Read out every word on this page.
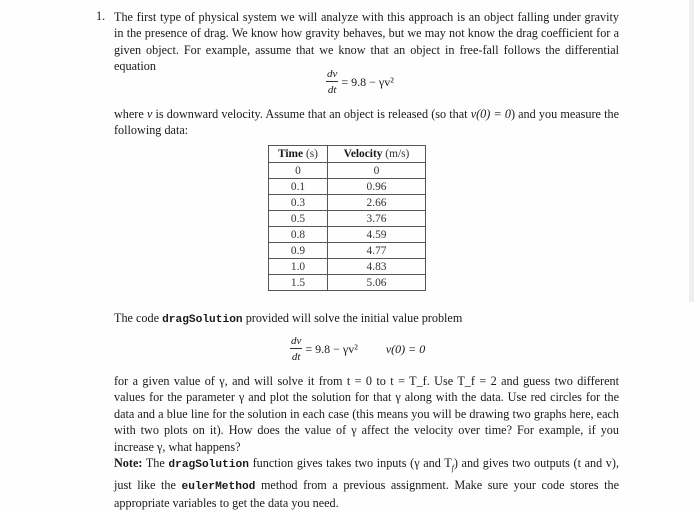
1. The first type of physical system we will analyze with this approach is an object falling under gravity in the presence of drag. We know how gravity behaves, but we may not know the drag coefficient for a given object. For example, assume that we know that an object in free-fall follows the differential equation
$\frac{dv}{dt} = 9.8 - \gamma v^2$
where v is downward velocity. Assume that an object is released (so that v(0) = 0) and you measure the following data:
Time (s)	Velocity (m/s)
0	0
0.1	0.96
0.3	2.66
0.5	3.76
0.8	4.59
0.9	4.77
1.0	4.83
1.5	5.06
The code dragSolution provided will solve the initial value problem
$\frac{dv}{dt} = 9.8 - \gamma v^2$ v(0) = 0
for a given value of γ, and will solve it from t = 0 to t = T_f. Use T_f = 2 and guess two different values for the parameter γ and plot the solution for that γ along with the data. Use red circles for the data and a blue line for the solution in each case (this means you will be drawing two graphs here, each with two plots on it). How does the value of γ affect the velocity over time? For example, if you increase γ, what happens?
Note: The dragSolution function gives takes two inputs (γ and $T_f$) and gives two outputs (t and v), just like the eulerMethod method from a previous assignment. Make sure your code stores the appropriate variables to get the data you need.
